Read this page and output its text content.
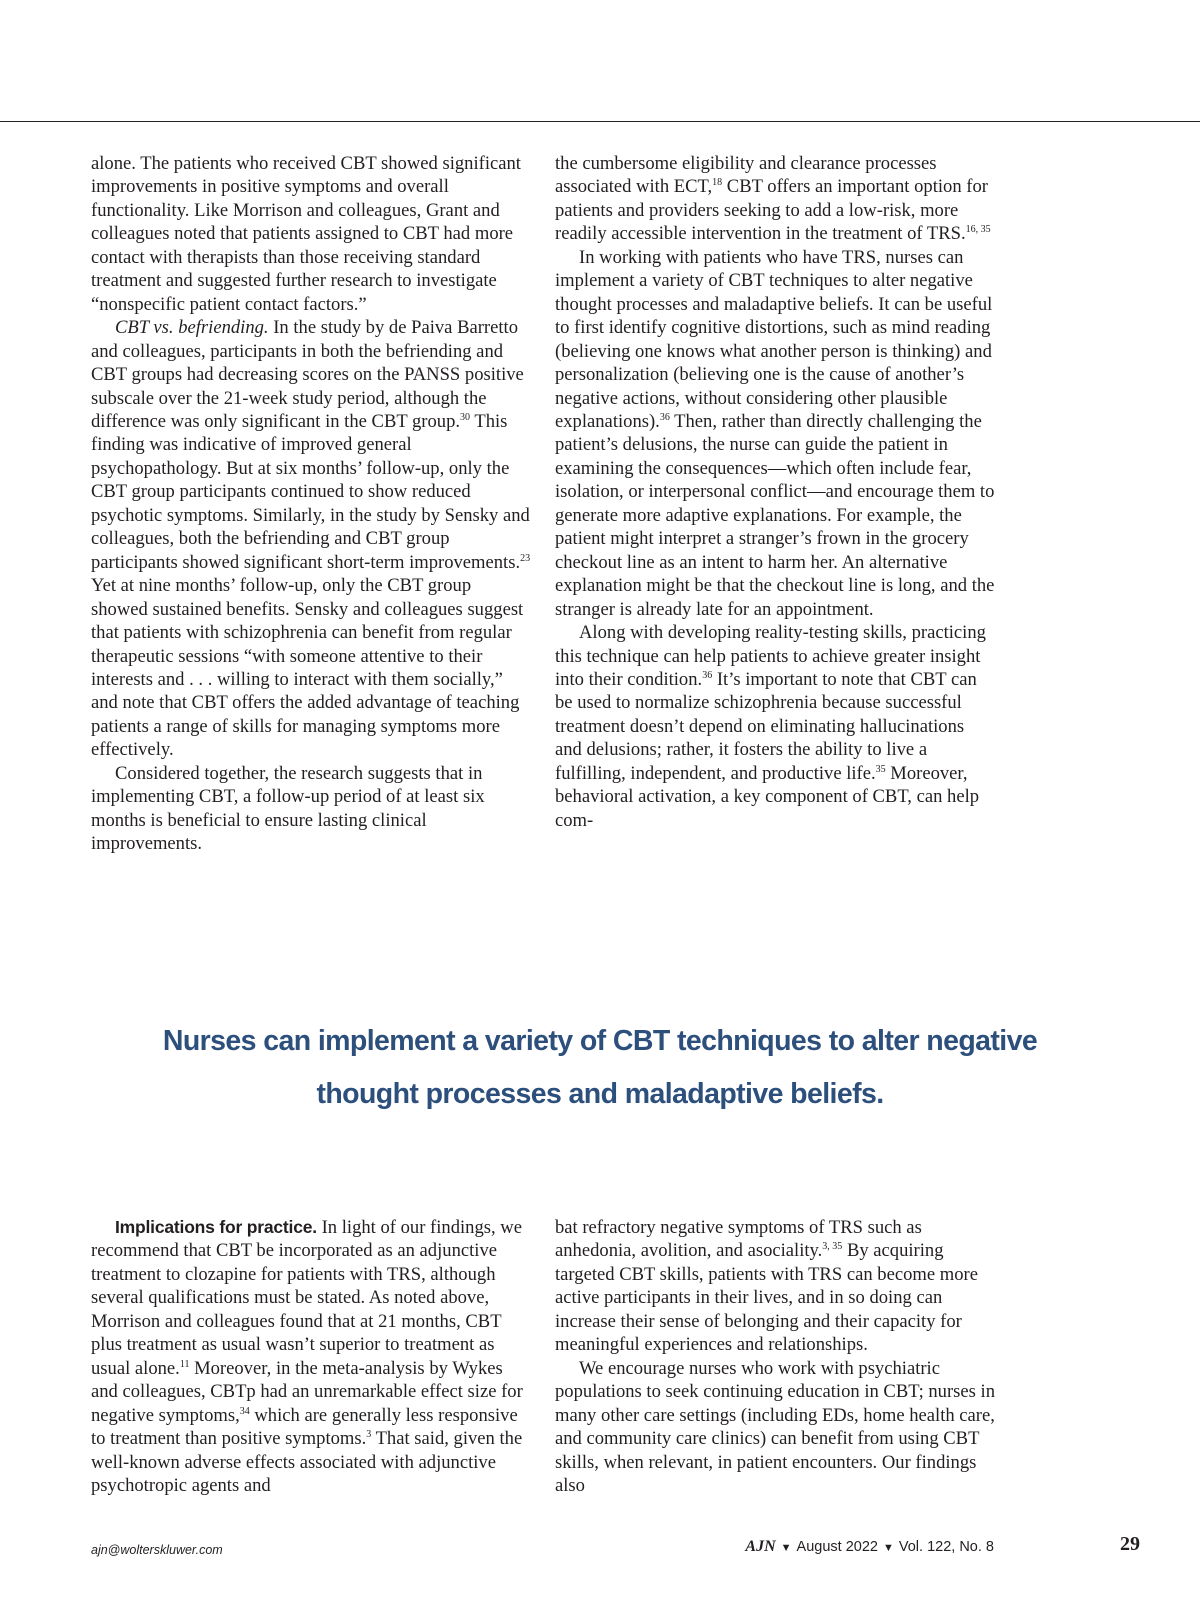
alone. The patients who received CBT showed significant improvements in positive symptoms and overall functionality. Like Morrison and colleagues, Grant and colleagues noted that patients assigned to CBT had more contact with therapists than those receiving standard treatment and suggested further research to investigate “nonspecific patient contact factors.”

CBT vs. befriending. In the study by de Paiva Barretto and colleagues, participants in both the befriending and CBT groups had decreasing scores on the PANSS positive subscale over the 21-week study period, although the difference was only significant in the CBT group.$^{30}$ This finding was indicative of improved general psychopathology. But at six months’ follow-up, only the CBT group participants continued to show reduced psychotic symptoms. Similarly, in the study by Sensky and colleagues, both the befriending and CBT group participants showed significant short-term improvements.$^{23}$ Yet at nine months’ follow-up, only the CBT group showed sustained benefits. Sensky and colleagues suggest that patients with schizophrenia can benefit from regular therapeutic sessions “with someone attentive to their interests and . . . willing to interact with them socially,” and note that CBT offers the added advantage of teaching patients a range of skills for managing symptoms more effectively.

Considered together, the research suggests that in implementing CBT, a follow-up period of at least six months is beneficial to ensure lasting clinical improvements.

the cumbersome eligibility and clearance processes associated with ECT,$^{18}$ CBT offers an important option for patients and providers seeking to add a low-risk, more readily accessible intervention in the treatment of TRS.$^{16, 35}$

In working with patients who have TRS, nurses can implement a variety of CBT techniques to alter negative thought processes and maladaptive beliefs. It can be useful to first identify cognitive distortions, such as mind reading (believing one knows what another person is thinking) and personalization (believing one is the cause of another’s negative actions, without considering other plausible explanations).$^{36}$ Then, rather than directly challenging the patient’s delusions, the nurse can guide the patient in examining the consequences—which often include fear, isolation, or interpersonal conflict—and encourage them to generate more adaptive explanations. For example, the patient might interpret a stranger’s frown in the grocery checkout line as an intent to harm her. An alternative explanation might be that the checkout line is long, and the stranger is already late for an appointment.

Along with developing reality-testing skills, practicing this technique can help patients to achieve greater insight into their condition.$^{36}$ It’s important to note that CBT can be used to normalize schizophrenia because successful treatment doesn’t depend on eliminating hallucinations and delusions; rather, it fosters the ability to live a fulfilling, independent, and productive life.$^{35}$ Moreover, behavioral activation, a key component of CBT, can help com-

Nurses can implement a variety of CBT techniques to alter negative
thought processes and maladaptive beliefs.

Implications for practice. In light of our findings, we recommend that CBT be incorporated as an adjunctive treatment to clozapine for patients with TRS, although several qualifications must be stated. As noted above, Morrison and colleagues found that at 21 months, CBT plus treatment as usual wasn’t superior to treatment as usual alone.$^{11}$ Moreover, in the meta-analysis by Wykes and colleagues, CBTp had an unremarkable effect size for negative symptoms,$^{34}$ which are generally less responsive to treatment than positive symptoms.$^3$ That said, given the well-known adverse effects associated with adjunctive psychotropic agents and

bat refractory negative symptoms of TRS such as anhedonia, avolition, and asociality.$^{3, 35}$ By acquiring targeted CBT skills, patients with TRS can become more active participants in their lives, and in so doing can increase their sense of belonging and their capacity for meaningful experiences and relationships.

We encourage nurses who work with psychiatric populations to seek continuing education in CBT; nurses in many other care settings (including EDs, home health care, and community care clinics) can benefit from using CBT skills, when relevant, in patient encounters. Our findings also

ajn@wolterskluwer.com	AJN ▼ August 2022 ▼ Vol. 122, No. 8	29
